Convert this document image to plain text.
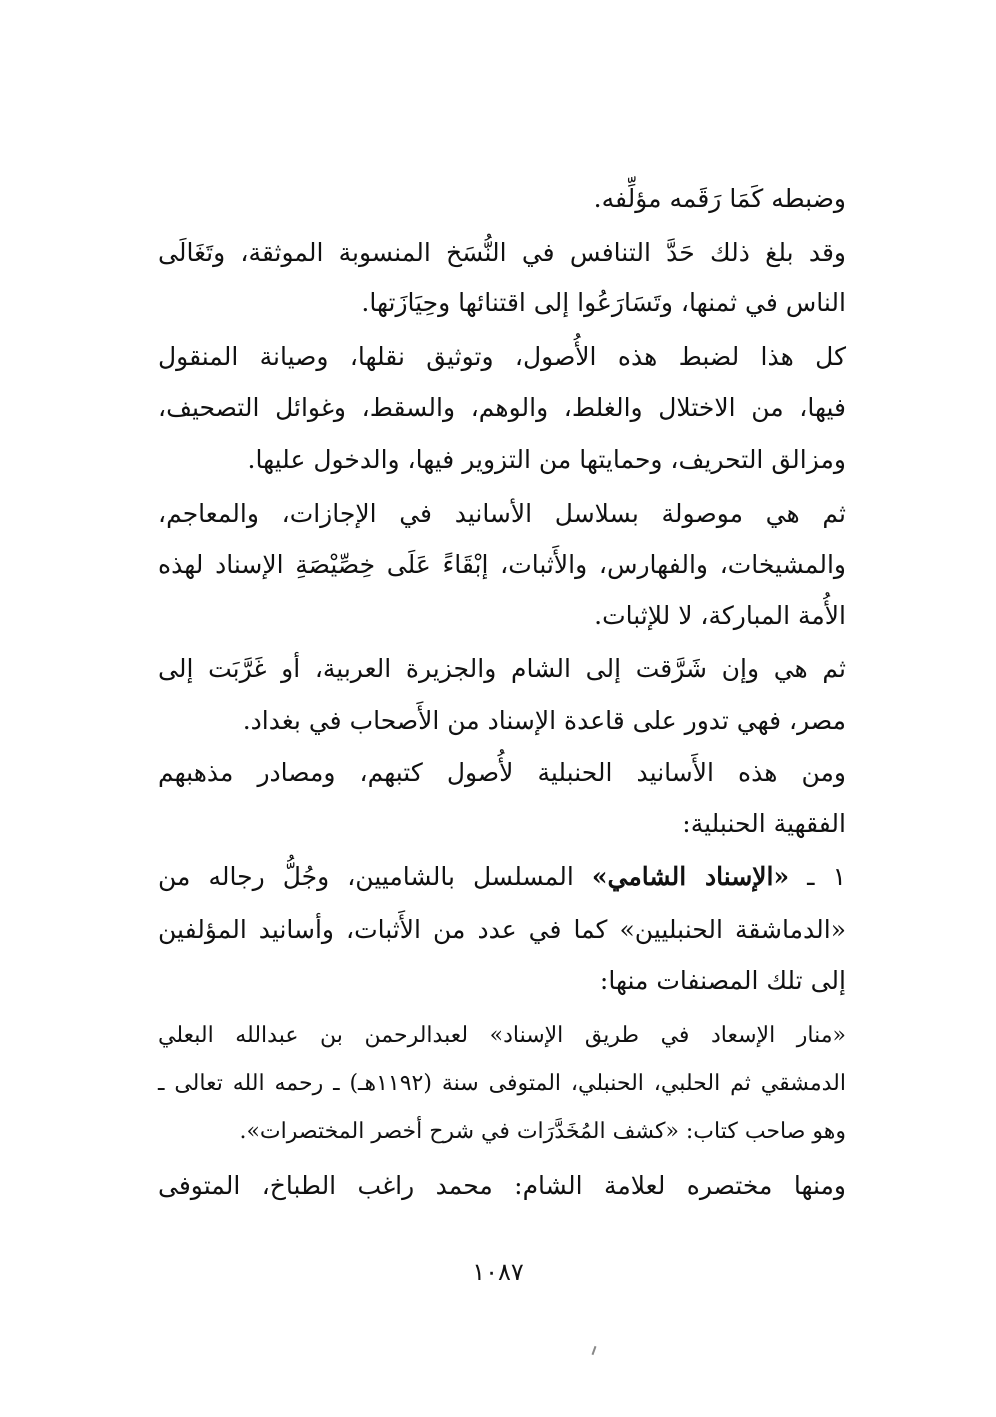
وضبطه كَمَا رَقَمه مؤلِّفه.
وقد بلغ ذلك حَدَّ التنافس في النُّسَخ المنسوبة الموثقة، وتَغَالَى
الناس في ثمنها، وتَسَارَعُوا إلى اقتنائها وحِيَازَتها.
كل هذا لضبط هذه الأُصول، وتوثيق نقلها، وصيانة المنقول
فيها، من الاختلال والغلط، والوهم، والسقط، وغوائل التصحيف،
ومزالق التحريف، وحمايتها من التزوير فيها، والدخول عليها.
ثم هي موصولة بسلاسل الأسانيد في الإجازات، والمعاجم،
والمشيخات، والفهارس، والأَثبات، إبْقَاءً عَلَى خِصِّيْصَةِ الإسناد لهذه
الأُمة المباركة، لا للإثبات.
ثم هي وإن شَرَّقت إلى الشام والجزيرة العربية، أو غَرَّبَت إلى
مصر، فهي تدور على قاعدة الإسناد من الأَصحاب في بغداد.
ومن هذه الأَسانيد الحنبلية لأُصول كتبهم، ومصادر مذهبهم
الفقهية الحنبلية:
١ ـ «الإسناد الشامي» المسلسل بالشاميين، وجُلُّ رجاله من
«الدماشقة الحنبليين» كما في عدد من الأَثبات، وأسانيد المؤلفين
إلى تلك المصنفات منها:
«منار الإسعاد في طريق الإسناد» لعبدالرحمن بن عبدالله البعلي
الدمشقي ثم الحلبي، الحنبلي، المتوفى سنة (١١٩٢هـ) ـ رحمه الله تعالى ـ
وهو صاحب كتاب: «كشف المُخَدَّرَات في شرح أخصر المختصرات».
ومنها مختصره لعلامة الشام: محمد راغب الطباخ، المتوفى
١٠٨٧
